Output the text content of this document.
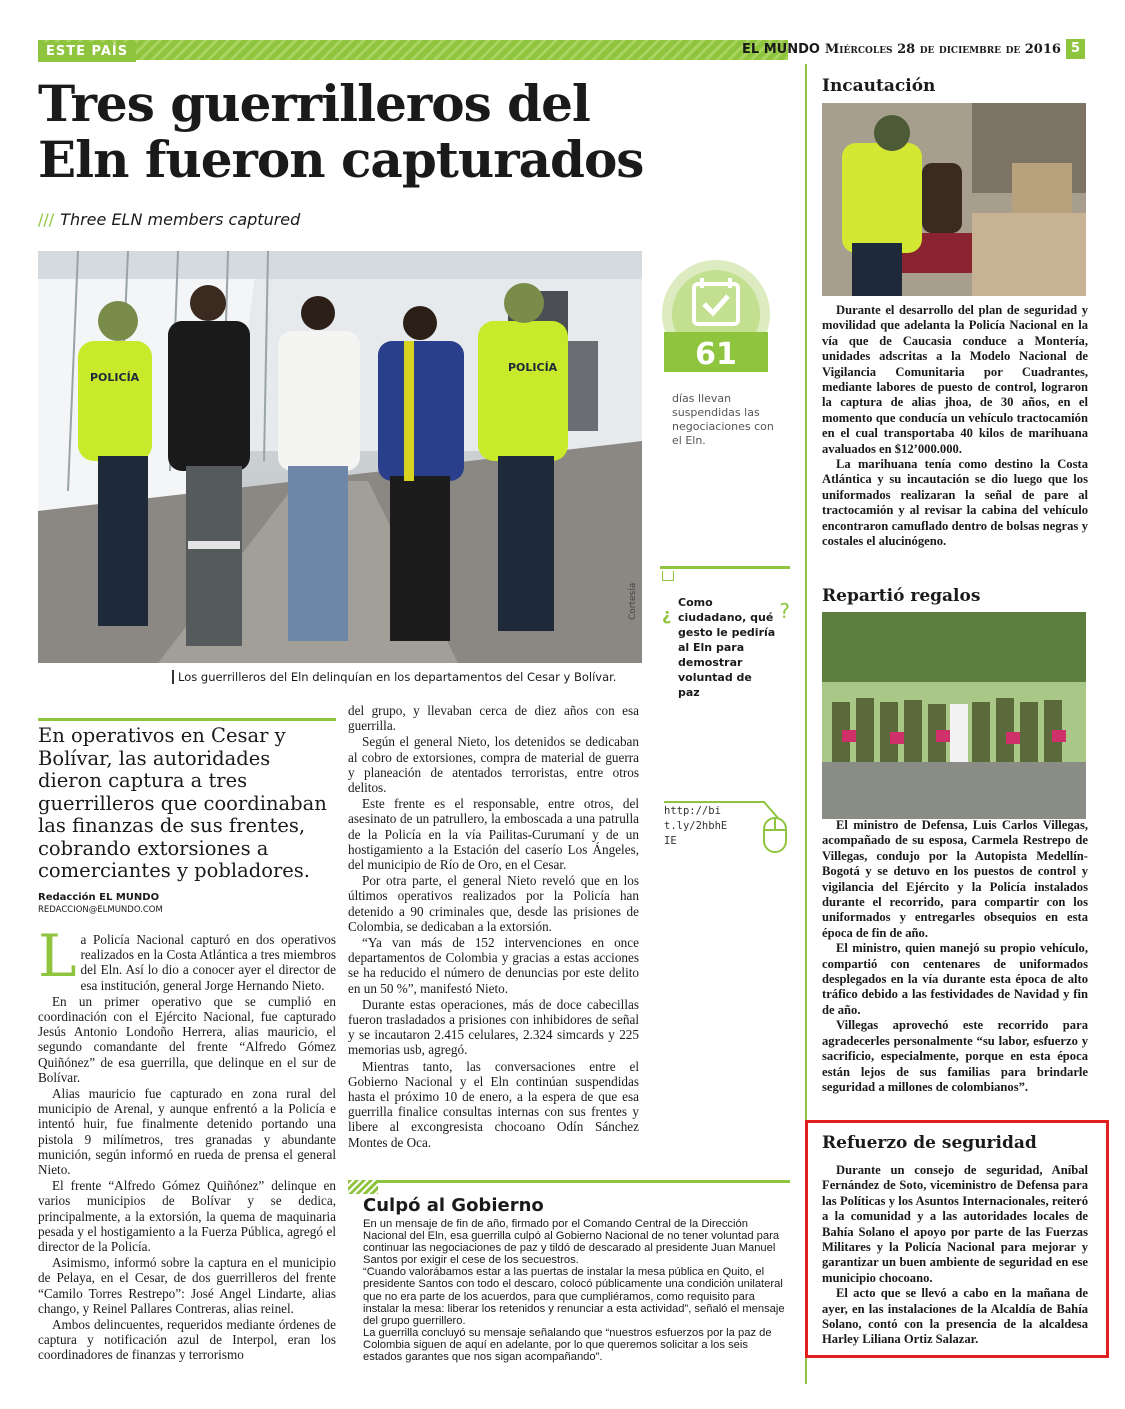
ESTE PAÍS	EL MUNDO Miércoles 28 de diciembre de 2016 5
Tres guerrilleros del Eln fueron capturados
/// Three ELN members captured
POLICÍA
POLICÍA
Cortesía
Los guerrilleros del Eln delinquían en los departamentos del Cesar y Bolívar.
61
días llevan suspendidas las negociaciones con el Eln.
¿	?
Como ciudadano, qué gesto le pediría al Eln para demostrar voluntad de paz
http://bit.ly/2hbhEIE
En operativos en Cesar y Bolívar, las autoridades dieron captura a tres guerrilleros que coordinaban las finanzas de sus frentes, cobrando extorsiones a comerciantes y pobladores.
Redacción EL MUNDO
REDACCION@ELMUNDO.COM

La Policía Nacional capturó en dos operativos realizados en la Costa Atlántica a tres miembros del Eln. Así lo dio a conocer ayer el director de esa institución, general Jorge Hernando Nieto.

En un primer operativo que se cumplió en coordinación con el Ejército Nacional, fue capturado Jesús Antonio Londoño Herrera, alias mauricio, el segundo comandante del frente “Alfredo Gómez Quiñónez” de esa guerrilla, que delinque en el sur de Bolívar.

Alias mauricio fue capturado en zona rural del municipio de Arenal, y aunque enfrentó a la Policía e intentó huir, fue finalmente detenido portando una pistola 9 milímetros, tres granadas y abundante munición, según informó en rueda de prensa el general Nieto.

El frente “Alfredo Gómez Quiñónez” delinque en varios municipios de Bolívar y se dedica, principalmente, a la extorsión, la quema de maquinaria pesada y el hostigamiento a la Fuerza Pública, agregó el director de la Policía.

Asimismo, informó sobre la captura en el municipio de Pelaya, en el Cesar, de dos guerrilleros del frente “Camilo Torres Restrepo”: José Angel Lindarte, alias chango, y Reinel Pallares Contreras, alias reinel.

Ambos delincuentes, requeridos mediante órdenes de captura y notificación azul de Interpol, eran los coordinadores de finanzas y terrorismo

del grupo, y llevaban cerca de diez años con esa guerrilla.

Según el general Nieto, los detenidos se dedicaban al cobro de extorsiones, compra de material de guerra y planeación de atentados terroristas, entre otros delitos.

Este frente es el responsable, entre otros, del asesinato de un patrullero, la emboscada a una patrulla de la Policía en la vía Pailitas-Curumaní y de un hostigamiento a la Estación del caserío Los Ángeles, del municipio de Río de Oro, en el Cesar.

Por otra parte, el general Nieto reveló que en los últimos operativos realizados por la Policía han detenido a 90 criminales que, desde las prisiones de Colombia, se dedicaban a la extorsión.

“Ya van más de 152 intervenciones en once departamentos de Colombia y gracias a estas acciones se ha reducido el número de denuncias por este delito en un 50 %”, manifestó Nieto.

Durante estas operaciones, más de doce cabecillas fueron trasladados a prisiones con inhibidores de señal y se incautaron 2.415 celulares, 2.324 simcards y 225 memorias usb, agregó.

Mientras tanto, las conversaciones entre el Gobierno Nacional y el Eln continúan suspendidas hasta el próximo 10 de enero, a la espera de que esa guerrilla finalice consultas internas con sus frentes y libere al excongresista chocoano Odín Sánchez Montes de Oca.

Culpó al Gobierno

En un mensaje de fin de año, firmado por el Comando Central de la Dirección Nacional del Eln, esa guerrilla culpó al Gobierno Nacional de no tener voluntad para continuar las negociaciones de paz y tildó de descarado al presidente Juan Manuel Santos por exigir el cese de los secuestros.

“Cuando valorábamos estar a las puertas de instalar la mesa pública en Quito, el presidente Santos con todo el descaro, colocó públicamente una condición unilateral que no era parte de los acuerdos, para que cumpliéramos, como requisito para instalar la mesa: liberar los retenidos y renunciar a esta actividad”, señaló el mensaje del grupo guerrillero.

La guerrilla concluyó su mensaje señalando que “nuestros esfuerzos por la paz de Colombia siguen de aquí en adelante, por lo que queremos solicitar a los seis estados garantes que nos sigan acompañando”.

Incautación

Durante el desarrollo del plan de seguridad y movilidad que adelanta la Policía Nacional en la vía que de Caucasia conduce a Montería, unidades adscritas a la Modelo Nacional de Vigilancia Comunitaria por Cuadrantes, mediante labores de puesto de control, lograron la captura de alias jhoa, de 30 años, en el momento que conducía un vehículo tractocamión en el cual transportaba 40 kilos de marihuana avaluados en $12’000.000.

La marihuana tenía como destino la Costa Atlántica y su incautación se dio luego que los uniformados realizaran la señal de pare al tractocamión y al revisar la cabina del vehículo encontraron camuflado dentro de bolsas negras y costales el alucinógeno.

Repartió regalos

El ministro de Defensa, Luis Carlos Villegas, acompañado de su esposa, Carmela Restrepo de Villegas, condujo por la Autopista Medellín-Bogotá y se detuvo en los puestos de control y vigilancia del Ejército y la Policía instalados durante el recorrido, para compartir con los uniformados y entregarles obsequios en esta época de fin de año.

El ministro, quien manejó su propio vehículo, compartió con centenares de uniformados desplegados en la vía durante esta época de alto tráfico debido a las festividades de Navidad y fin de año.

Villegas aprovechó este recorrido para agradecerles personalmente “su labor, esfuerzo y sacrificio, especialmente, porque en esta época están lejos de sus familias para brindarle seguridad a millones de colombianos”.

Refuerzo de seguridad

Durante un consejo de seguridad, Aníbal Fernández de Soto, viceministro de Defensa para las Políticas y los Asuntos Internacionales, reiteró a la comunidad y a las autoridades locales de Bahía Solano el apoyo por parte de las Fuerzas Militares y la Policía Nacional para mejorar y garantizar un buen ambiente de seguridad en ese municipio chocoano.

El acto que se llevó a cabo en la mañana de ayer, en las instalaciones de la Alcaldía de Bahía Solano, contó con la presencia de la alcaldesa Harley Liliana Ortiz Salazar.
